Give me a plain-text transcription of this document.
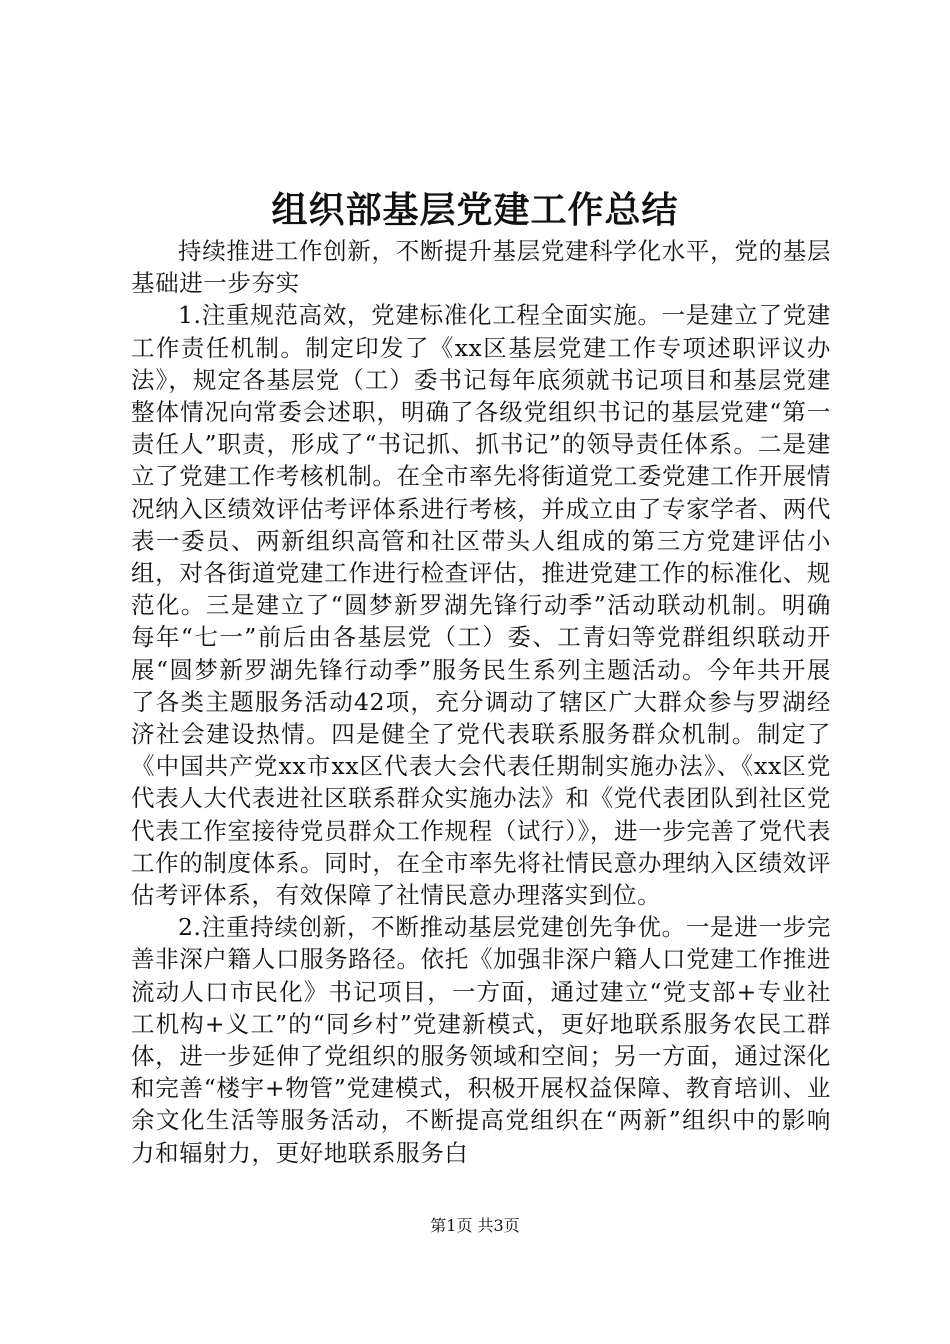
组织部基层党建工作总结

持续推进工作创新，不断提升基层党建科学化水平，党的基层基础进一步夯实

1.注重规范高效，党建标准化工程全面实施。一是建立了党建工作责任机制。制定印发了《xx区基层党建工作专项述职评议办法》，规定各基层党（工）委书记每年底须就书记项目和基层党建整体情况向常委会述职，明确了各级党组织书记的基层党建“第一责任人”职责，形成了“书记抓、抓书记”的领导责任体系。二是建立了党建工作考核机制。在全市率先将街道党工委党建工作开展情况纳入区绩效评估考评体系进行考核，并成立由了专家学者、两代表一委员、两新组织高管和社区带头人组成的第三方党建评估小组，对各街道党建工作进行检查评估，推进党建工作的标准化、规范化。三是建立了“圆梦新罗湖先锋行动季”活动联动机制。明确每年“七一”前后由各基层党（工）委、工青妇等党群组织联动开展“圆梦新罗湖先锋行动季”服务民生系列主题活动。今年共开展了各类主题服务活动42项，充分调动了辖区广大群众参与罗湖经济社会建设热情。四是健全了党代表联系服务群众机制。制定了《中国共产党xx市xx区代表大会代表任期制实施办法》、《xx区党代表人大代表进社区联系群众实施办法》和《党代表团队到社区党代表工作室接待党员群众工作规程（试行）》，进一步完善了党代表工作的制度体系。同时，在全市率先将社情民意办理纳入区绩效评估考评体系，有效保障了社情民意办理落实到位。

2.注重持续创新，不断推动基层党建创先争优。一是进一步完善非深户籍人口服务路径。依托《加强非深户籍人口党建工作推进流动人口市民化》书记项目，一方面，通过建立“党支部+专业社工机构+义工”的“同乡村”党建新模式，更好地联系服务农民工群体，进一步延伸了党组织的服务领域和空间；另一方面，通过深化和完善“楼宇+物管”党建模式，积极开展权益保障、教育培训、业余文化生活等服务活动，不断提高党组织在“两新”组织中的影响力和辐射力，更好地联系服务白

第1页 共3页
